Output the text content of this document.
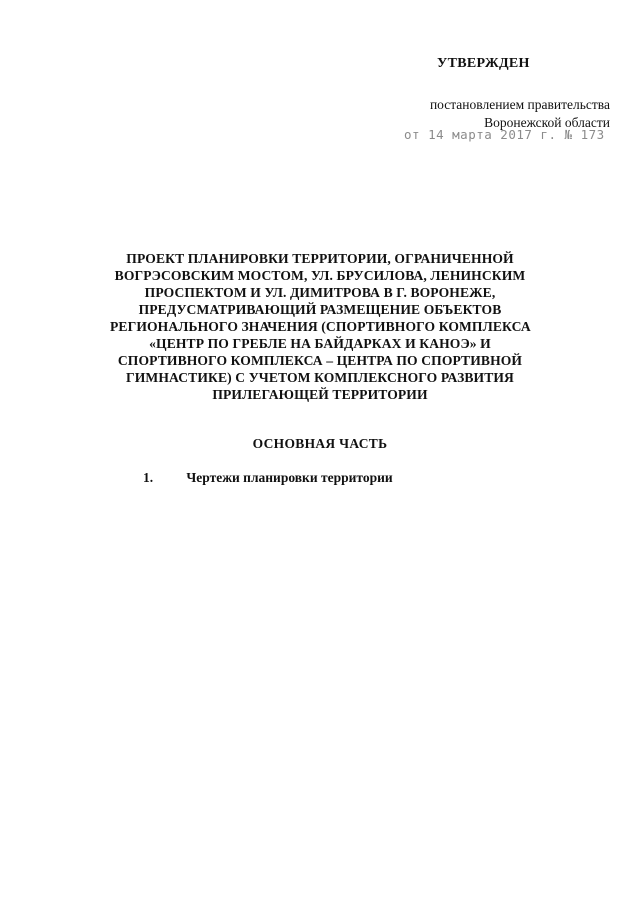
УТВЕРЖДЕН
постановлением правительства
Воронежской области
от 14 марта 2017 г. № 173
ПРОЕКТ ПЛАНИРОВКИ ТЕРРИТОРИИ, ОГРАНИЧЕННОЙ
ВОГРЭСОВСКИМ МОСТОМ, УЛ. БРУСИЛОВА, ЛЕНИНСКИМ
ПРОСПЕКТОМ И УЛ. ДИМИТРОВА В Г. ВОРОНЕЖЕ,
ПРЕДУСМАТРИВАЮЩИЙ РАЗМЕЩЕНИЕ ОБЪЕКТОВ
РЕГИОНАЛЬНОГО ЗНАЧЕНИЯ (СПОРТИВНОГО КОМПЛЕКСА
«ЦЕНТР ПО ГРЕБЛЕ НА БАЙДАРКАХ И КАНОЭ» И
СПОРТИВНОГО КОМПЛЕКСА – ЦЕНТРА ПО СПОРТИВНОЙ
ГИМНАСТИКЕ) С УЧЕТОМ КОМПЛЕКСНОГО РАЗВИТИЯ
ПРИЛЕГАЮЩЕЙ ТЕРРИТОРИИ
ОСНОВНАЯ ЧАСТЬ
1. Чертежи планировки территории
